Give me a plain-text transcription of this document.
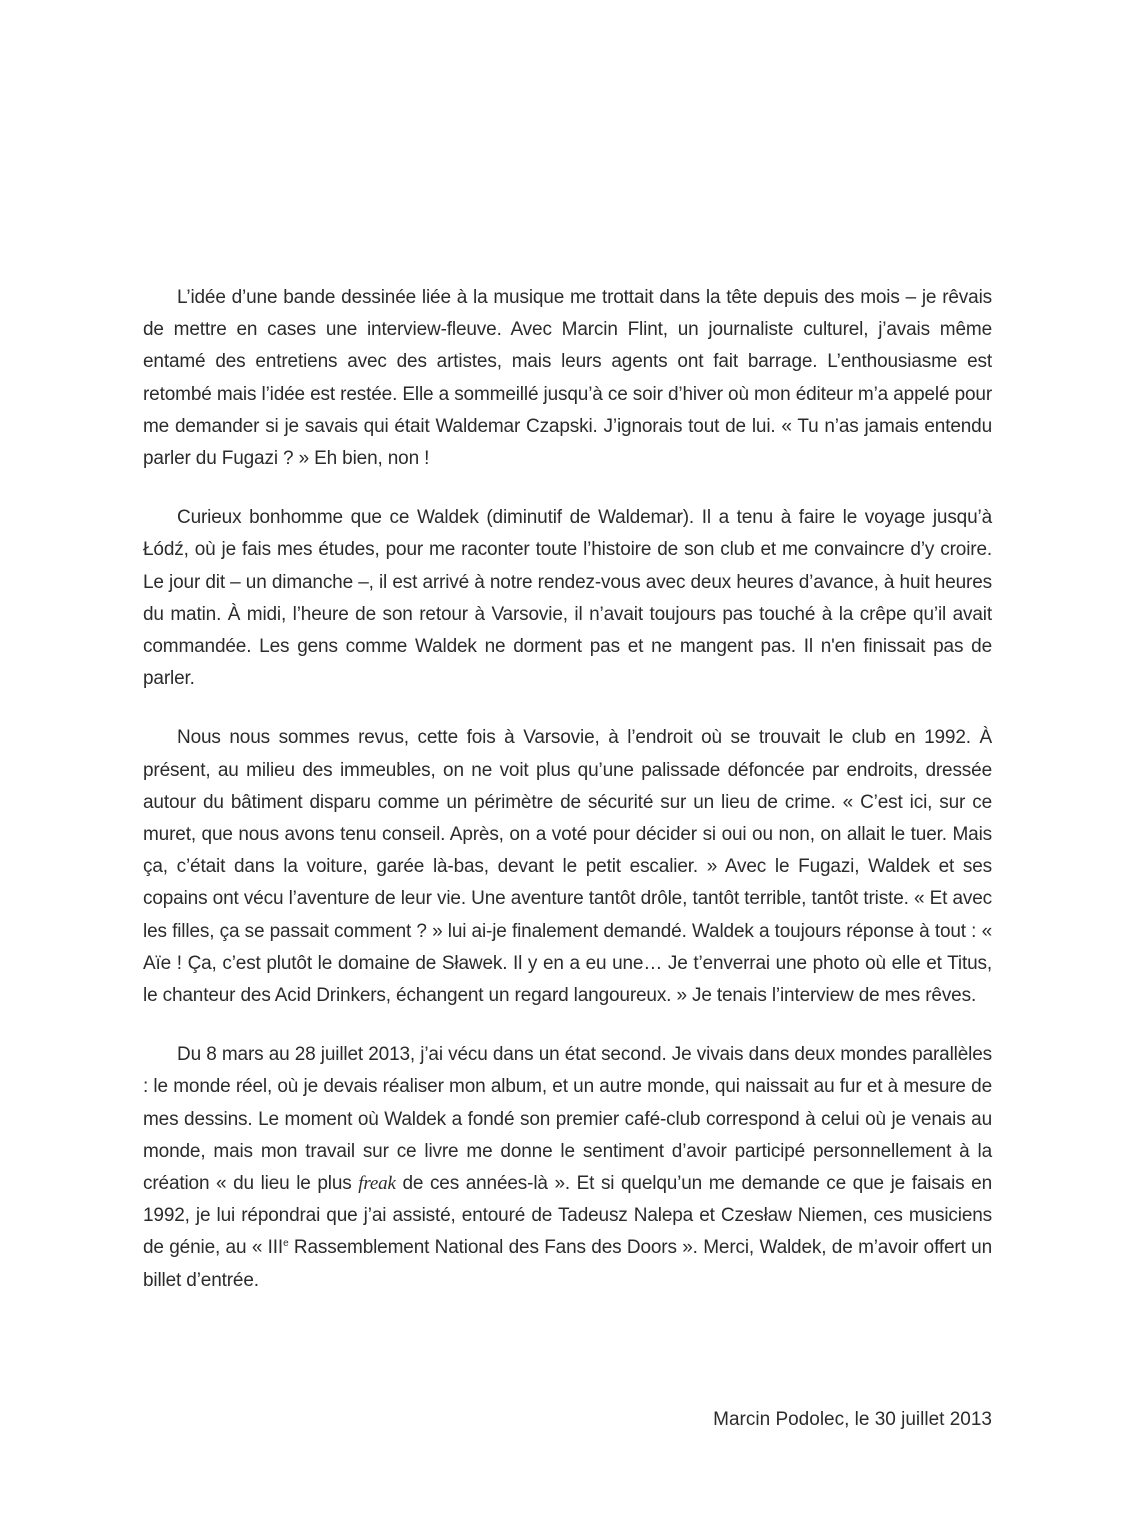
L’idée d’une bande dessinée liée à la musique me trottait dans la tête depuis des mois – je rêvais de mettre en cases une interview-fleuve. Avec Marcin Flint, un journaliste culturel, j’avais même entamé des entretiens avec des artistes, mais leurs agents ont fait barrage. L’enthousiasme est retombé mais l’idée est restée. Elle a sommeillé jusqu’à ce soir d’hiver où mon éditeur m’a appelé pour me demander si je savais qui était Waldemar Czapski. J’ignorais tout de lui. « Tu n’as jamais entendu parler du Fugazi ? » Eh bien, non !

Curieux bonhomme que ce Waldek (diminutif de Waldemar). Il a tenu à faire le voyage jusqu’à Łódź, où je fais mes études, pour me raconter toute l’histoire de son club et me convaincre d’y croire. Le jour dit – un dimanche –, il est arrivé à notre rendez-vous avec deux heures d’avance, à huit heures du matin. À midi, l’heure de son retour à Varsovie, il n’avait toujours pas touché à la crêpe qu’il avait commandée. Les gens comme Waldek ne dorment pas et ne mangent pas. Il n'en finissait pas de parler.

Nous nous sommes revus, cette fois à Varsovie, à l’endroit où se trouvait le club en 1992. À présent, au milieu des immeubles, on ne voit plus qu’une palissade défoncée par endroits, dressée autour du bâtiment disparu comme un périmètre de sécurité sur un lieu de crime. « C’est ici, sur ce muret, que nous avons tenu conseil. Après, on a voté pour décider si oui ou non, on allait le tuer. Mais ça, c’était dans la voiture, garée là-bas, devant le petit escalier. » Avec le Fugazi, Waldek et ses copains ont vécu l’aventure de leur vie. Une aventure tantôt drôle, tantôt terrible, tantôt triste. « Et avec les filles, ça se passait comment ? » lui ai-je finalement demandé. Waldek a toujours réponse à tout : « Aïe ! Ça, c’est plutôt le domaine de Sławek. Il y en a eu une… Je t’enverrai une photo où elle et Titus, le chanteur des Acid Drinkers, échangent un regard langoureux. » Je tenais l’interview de mes rêves.

Du 8 mars au 28 juillet 2013, j’ai vécu dans un état second. Je vivais dans deux mondes parallèles : le monde réel, où je devais réaliser mon album, et un autre monde, qui naissait au fur et à mesure de mes dessins. Le moment où Waldek a fondé son premier café-club correspond à celui où je venais au monde, mais mon travail sur ce livre me donne le sentiment d’avoir participé personnellement à la création « du lieu le plus freak de ces années-là ». Et si quelqu’un me demande ce que je faisais en 1992, je lui répondrai que j’ai assisté, entouré de Tadeusz Nalepa et Czesław Niemen, ces musiciens de génie, au « IIIe Rassemblement National des Fans des Doors ». Merci, Waldek, de m’avoir offert un billet d’entrée.

Marcin Podolec, le 30 juillet 2013
